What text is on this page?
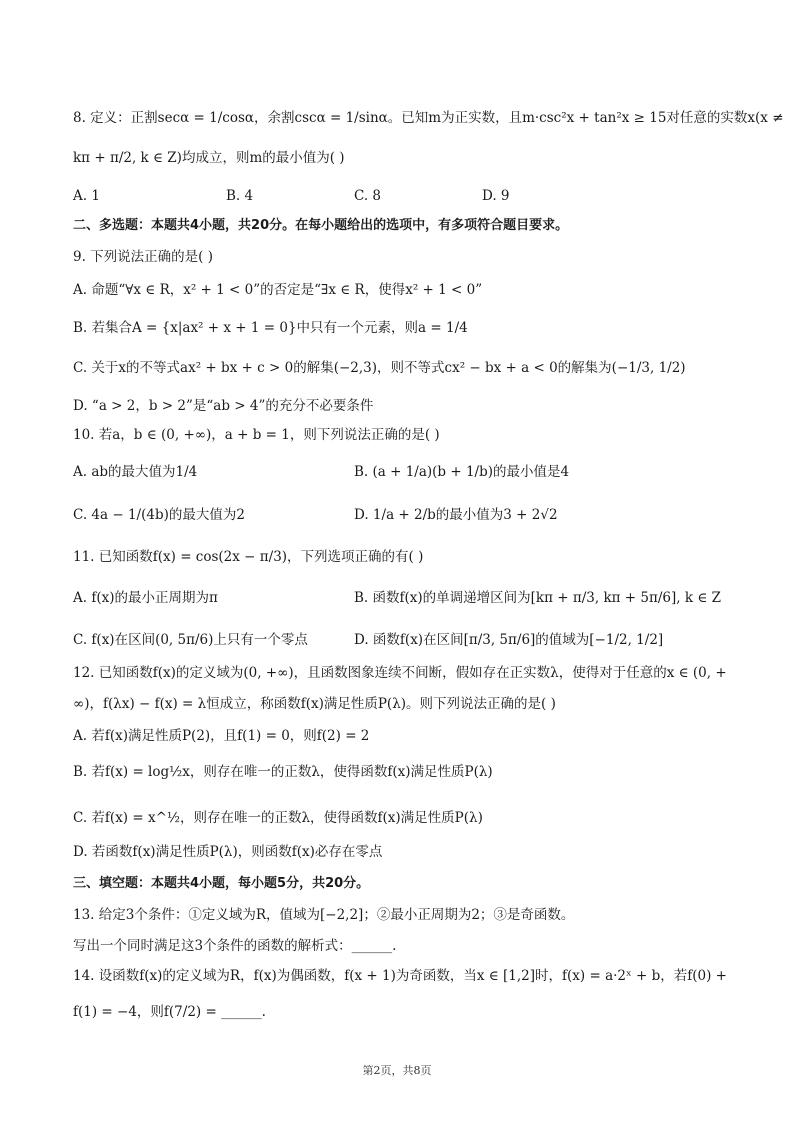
8. 定义：正割secα = 1/cosα，余割cscα = 1/sinα。已知m为正实数，且m·csc²x + tan²x ≥ 15对任意的实数x(x ≠
kπ + π/2, k ∈ Z)均成立，则m的最小值为( )
A. 1	B. 4	C. 8	D. 9
二、多选题：本题共4小题，共20分。在每小题给出的选项中，有多项符合题目要求。
9. 下列说法正确的是( )
A. 命题“∀x ∈ R，x² + 1 < 0”的否定是“∃x ∈ R，使得x² + 1 < 0”
B. 若集合A = {x|ax² + x + 1 = 0}中只有一个元素，则a = 1/4
C. 关于x的不等式ax² + bx + c > 0的解集(−2,3)，则不等式cx² − bx + a < 0的解集为(−1/3, 1/2)
D. “a > 2，b > 2”是“ab > 4”的充分不必要条件
10. 若a，b ∈ (0, +∞)，a + b = 1，则下列说法正确的是( )
A. ab的最大值为1/4	B. (a + 1/a)(b + 1/b)的最小值是4
C. 4a − 1/(4b)的最大值为2	D. 1/a + 2/b的最小值为3 + 2√2
11. 已知函数f(x) = cos(2x − π/3)，下列选项正确的有( )
A. f(x)的最小正周期为π	B. 函数f(x)的单调递增区间为[kπ + π/3, kπ + 5π/6], k ∈ Z
C. f(x)在区间(0, 5π/6)上只有一个零点	D. 函数f(x)在区间[π/3, 5π/6]的值域为[−1/2, 1/2]
12. 已知函数f(x)的定义域为(0, +∞)，且函数图象连续不间断，假如存在正实数λ，使得对于任意的x ∈ (0, +
∞)，f(λx) − f(x) = λ恒成立，称函数f(x)满足性质P(λ)。则下列说法正确的是( )
A. 若f(x)满足性质P(2)，且f(1) = 0，则f(2) = 2
B. 若f(x) = log½x，则存在唯一的正数λ，使得函数f(x)满足性质P(λ)
C. 若f(x) = x^½，则存在唯一的正数λ，使得函数f(x)满足性质P(λ)
D. 若函数f(x)满足性质P(λ)，则函数f(x)必存在零点
三、填空题：本题共4小题，每小题5分，共20分。
13. 给定3个条件：①定义域为R，值域为[−2,2]；②最小正周期为2；③是奇函数。
写出一个同时满足这3个条件的函数的解析式：______.
14. 设函数f(x)的定义域为R，f(x)为偶函数，f(x + 1)为奇函数，当x ∈ [1,2]时，f(x) = a·2ˣ + b，若f(0) +
f(1) = −4，则f(7/2) = ______.
第2页，共8页
